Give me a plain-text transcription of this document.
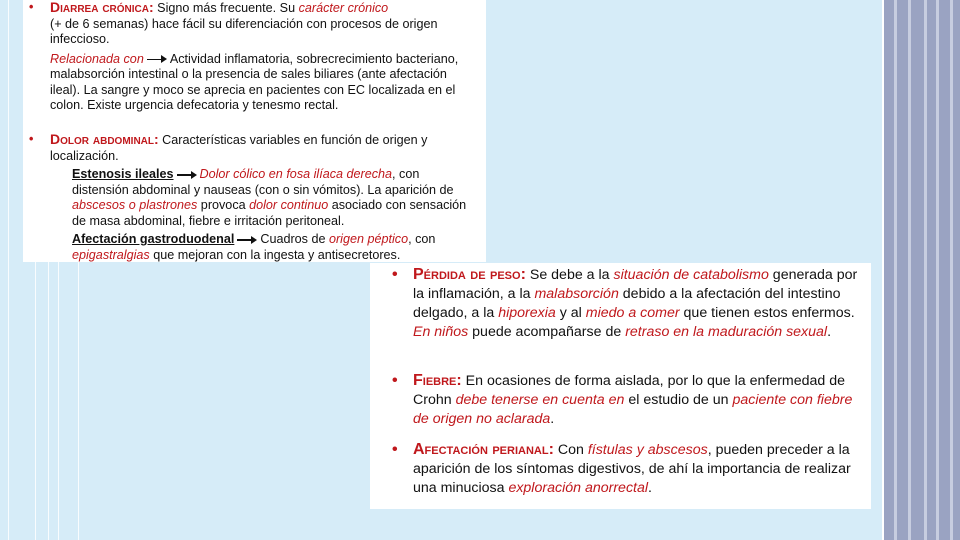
• Diarrea crónica: Signo más frecuente. Su carácter crónico

(+ de 6 semanas) hace fácil su diferenciación con procesos de origen infeccioso.

Relacionada con Actividad inflamatoria, sobrecrecimiento bacteriano, malabsorción intestinal o la presencia de sales biliares (ante afectación ileal). La sangre y moco se aprecia en pacientes con EC localizada en el colon. Existe urgencia defecatoria y tenesmo rectal.

• Dolor abdominal: Características variables en función de origen y localización.

Estenosis ileales Dolor cólico en fosa ilíaca derecha, con distensión abdominal y nauseas (con o sin vómitos). La aparición de abscesos o plastrones provoca dolor continuo asociado con sensación de masa abdominal, fiebre e irritación peritoneal.

Afectación gastroduodenal Cuadros de origen péptico, con epigastralgias que mejoran con la ingesta y antisecretores.

• Pérdida de peso: Se debe a la situación de catabolismo generada por la inflamación, a la malabsorción debido a la afectación del intestino delgado, a la hiporexia y al miedo a comer que tienen estos enfermos.

En niños puede acompañarse de retraso en la maduración sexual.

• Fiebre: En ocasiones de forma aislada, por lo que la enfermedad de Crohn debe tenerse en cuenta en el estudio de un paciente con fiebre de origen no aclarada.

• Afectación perianal: Con fístulas y abscesos, pueden preceder a la aparición de los síntomas digestivos, de ahí la importancia de realizar una minuciosa exploración anorrectal.
